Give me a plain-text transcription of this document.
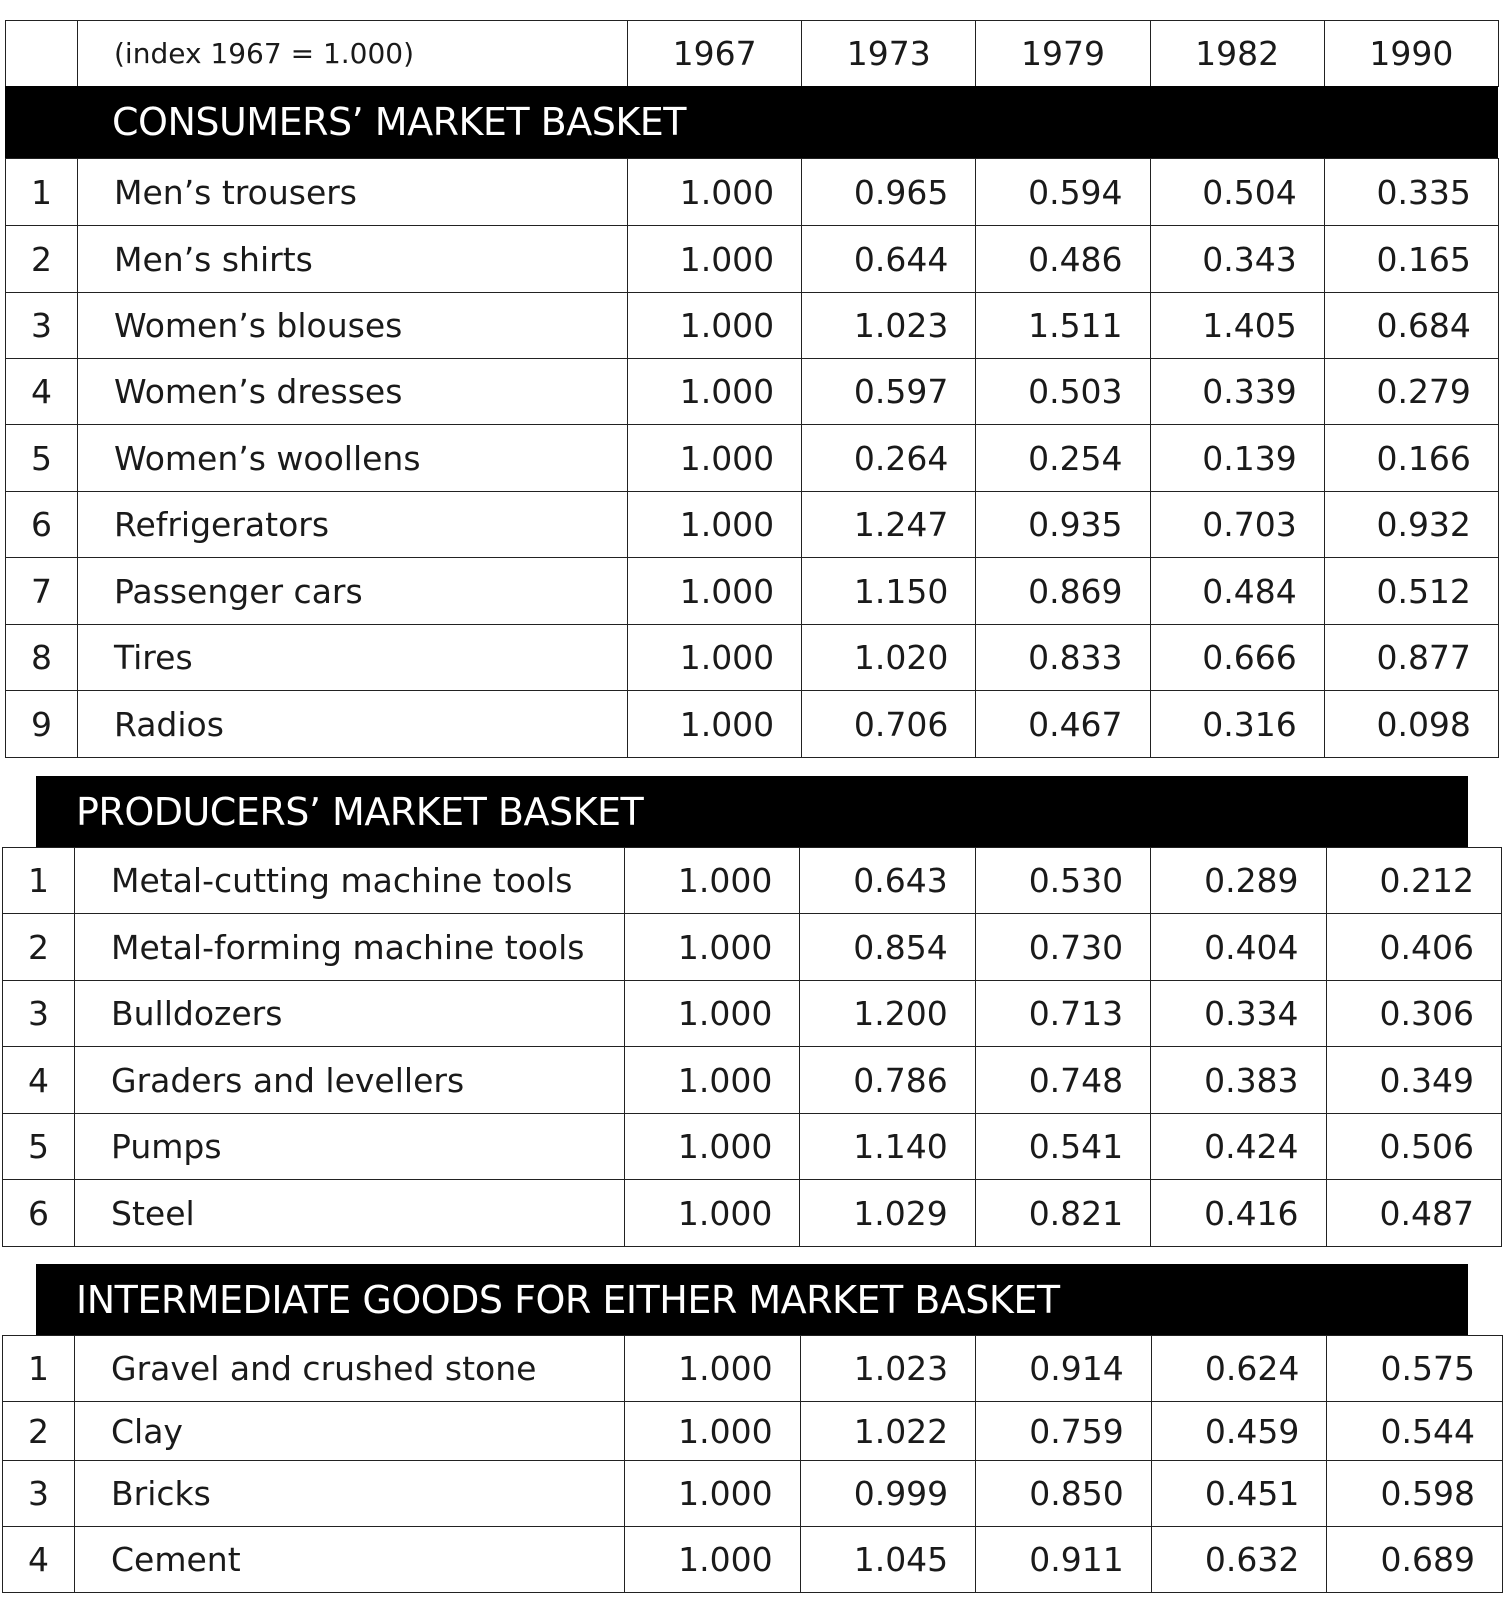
	(index 1967 = 1.000)	1967	1973	1979	1982	1990
CONSUMERS’ MARKET BASKET
1	Men’s trousers	1.000	0.965	0.594	0.504	0.335
2	Men’s shirts	1.000	0.644	0.486	0.343	0.165
3	Women’s blouses	1.000	1.023	1.511	1.405	0.684
4	Women’s dresses	1.000	0.597	0.503	0.339	0.279
5	Women’s woollens	1.000	0.264	0.254	0.139	0.166
6	Refrigerators	1.000	1.247	0.935	0.703	0.932
7	Passenger cars	1.000	1.150	0.869	0.484	0.512
8	Tires	1.000	1.020	0.833	0.666	0.877
9	Radios	1.000	0.706	0.467	0.316	0.098
PRODUCERS’ MARKET BASKET
1	Metal-cutting machine tools	1.000	0.643	0.530	0.289	0.212
2	Metal-forming machine tools	1.000	0.854	0.730	0.404	0.406
3	Bulldozers	1.000	1.200	0.713	0.334	0.306
4	Graders and levellers	1.000	0.786	0.748	0.383	0.349
5	Pumps	1.000	1.140	0.541	0.424	0.506
6	Steel	1.000	1.029	0.821	0.416	0.487
INTERMEDIATE GOODS FOR EITHER MARKET BASKET
1	Gravel and crushed stone	1.000	1.023	0.914	0.624	0.575
2	Clay	1.000	1.022	0.759	0.459	0.544
3	Bricks	1.000	0.999	0.850	0.451	0.598
4	Cement	1.000	1.045	0.911	0.632	0.689
